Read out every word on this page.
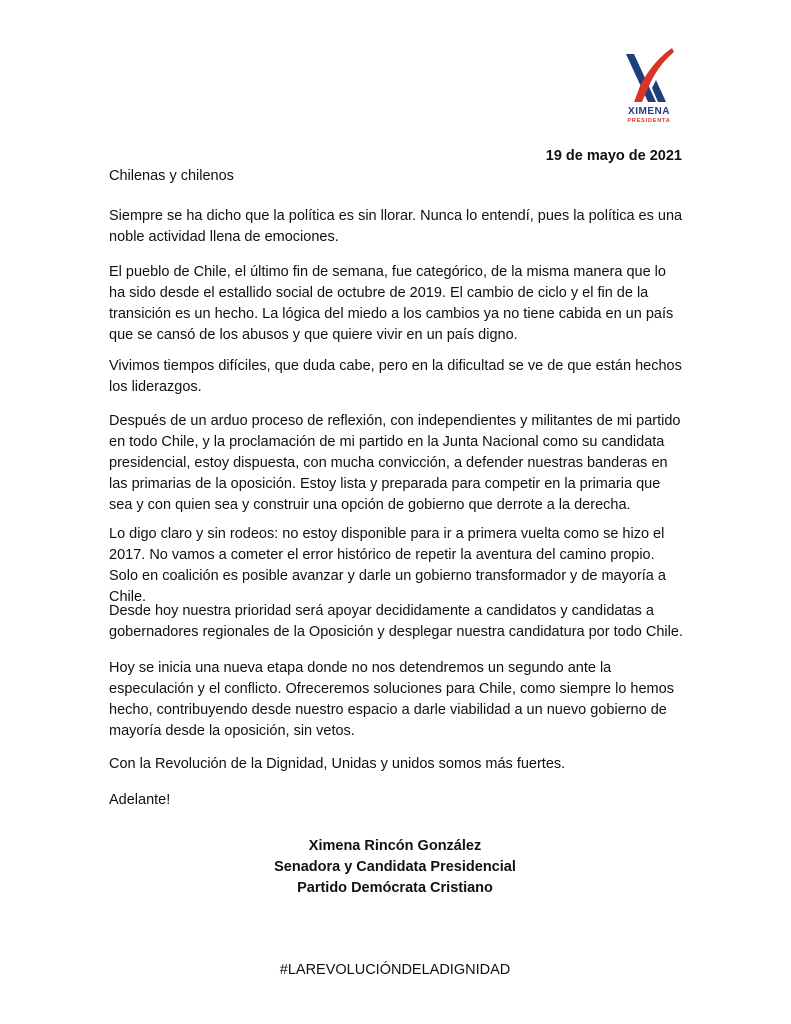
XIMENA
PRESIDENTA
19 de mayo de 2021
Chilenas y chilenos

Siempre se ha dicho que la política es sin llorar. Nunca lo entendí, pues la política es una noble actividad llena de emociones.

El pueblo de Chile, el último fin de semana, fue categórico, de la misma manera que lo ha sido desde el estallido social de octubre de 2019. El cambio de ciclo y el fin de la transición es un hecho. La lógica del miedo a los cambios ya no tiene cabida en un país que se cansó de los abusos y que quiere vivir en un país digno.

Vivimos tiempos difíciles, que duda cabe, pero en la dificultad se ve de que están hechos los liderazgos.

Después de un arduo proceso de reflexión, con independientes y militantes de mi partido en todo Chile, y la proclamación de mi partido en la Junta Nacional como su candidata presidencial, estoy dispuesta, con mucha convicción, a defender nuestras banderas en las primarias de la oposición. Estoy lista y preparada para competir en la primaria que sea y con quien sea y construir una opción de gobierno que derrote a la derecha.

Lo digo claro y sin rodeos: no estoy disponible para ir a primera vuelta como se hizo el 2017. No vamos a cometer el error histórico de repetir la aventura del camino propio. Solo en coalición es posible avanzar y darle un gobierno transformador y de mayoría a Chile.

Desde hoy nuestra prioridad será apoyar decididamente a candidatos y candidatas a gobernadores regionales de la Oposición y desplegar nuestra candidatura por todo Chile.

Hoy se inicia una nueva etapa donde no nos detendremos un segundo ante la especulación y el conflicto. Ofreceremos soluciones para Chile, como siempre lo hemos hecho, contribuyendo desde nuestro espacio a darle viabilidad a un nuevo gobierno de mayoría desde la oposición, sin vetos.

Con la Revolución de la Dignidad, Unidas y unidos somos más fuertes.

Adelante!

Ximena Rincón González
Senadora y Candidata Presidencial
Partido Demócrata Cristiano
#LAREVOLUCIÓNDELADIGNIDAD
